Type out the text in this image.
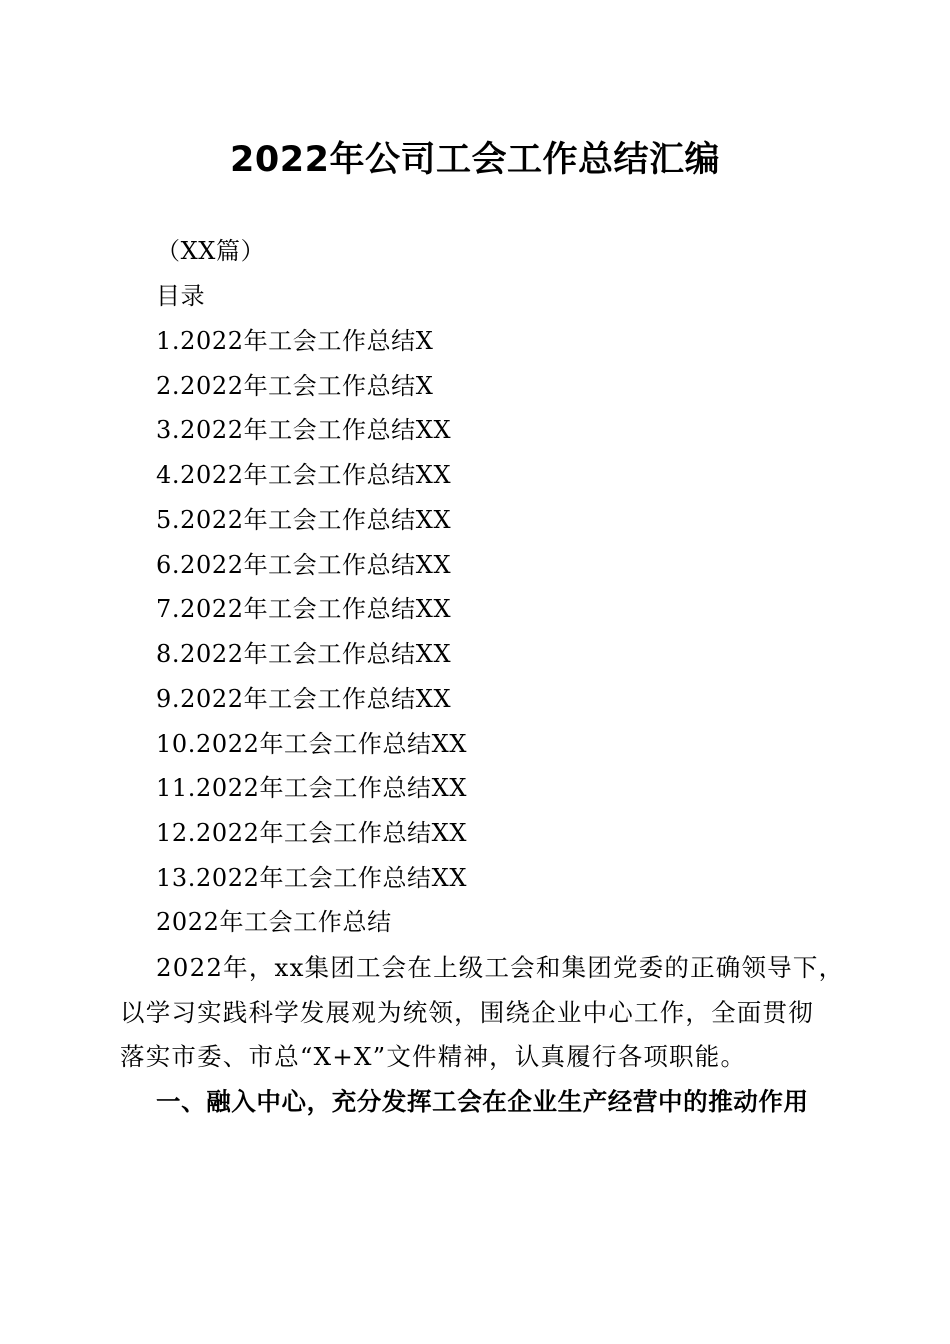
2022年公司工会工作总结汇编
（XX篇）
目录
1.2022年工会工作总结X
2.2022年工会工作总结X
3.2022年工会工作总结XX
4.2022年工会工作总结XX
5.2022年工会工作总结XX
6.2022年工会工作总结XX
7.2022年工会工作总结XX
8.2022年工会工作总结XX
9.2022年工会工作总结XX
10.2022年工会工作总结XX
11.2022年工会工作总结XX
12.2022年工会工作总结XX
13.2022年工会工作总结XX
2022年工会工作总结
2022年，xx集团工会在上级工会和集团党委的正确领导下，
以学习实践科学发展观为统领，围绕企业中心工作，全面贯彻
落实市委、市总“X+X”文件精神，认真履行各项职能。
一、融入中心，充分发挥工会在企业生产经营中的推动作用
